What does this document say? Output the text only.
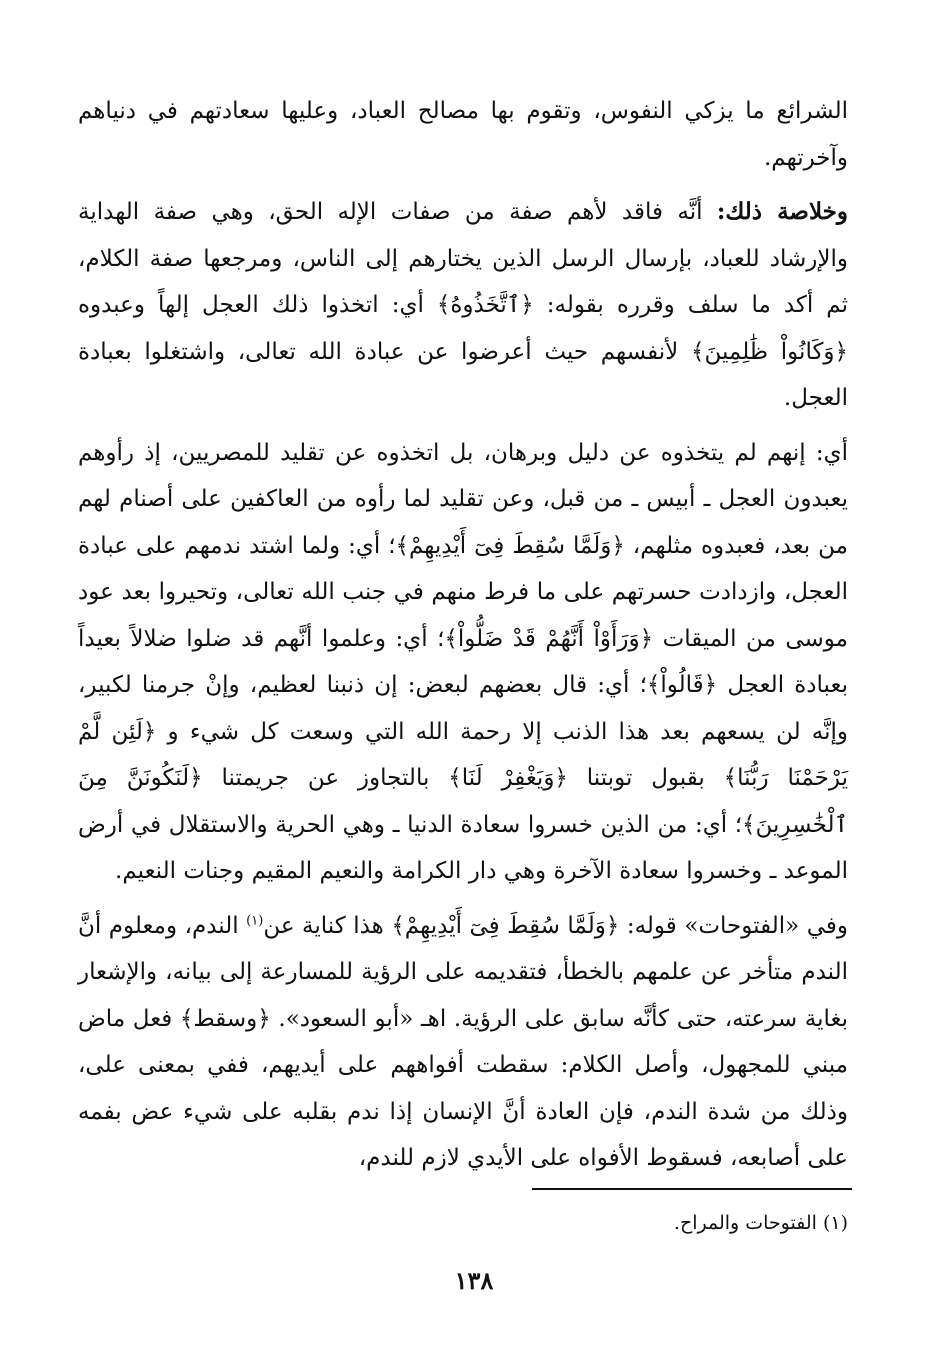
الشرائع ما يزكي النفوس، وتقوم بها مصالح العباد، وعليها سعادتهم في دنياهم وآخرتهم.

وخلاصة ذلك: أنَّه فاقد لأهم صفة من صفات الإله الحق، وهي صفة الهداية والإرشاد للعباد، بإرسال الرسل الذين يختارهم إلى الناس، ومرجعها صفة الكلام، ثم أكد ما سلف وقرره بقوله: ﴿ٱتَّخَذُوهُ﴾ أي: اتخذوا ذلك العجل إلهاً وعبدوه ﴿وَكَانُواْ ظَٰلِمِينَ﴾ لأنفسهم حيث أعرضوا عن عبادة الله تعالى، واشتغلوا بعبادة العجل.

أي: إنهم لم يتخذوه عن دليل وبرهان، بل اتخذوه عن تقليد للمصريين، إذ رأوهم يعبدون العجل ـ أبيس ـ من قبل، وعن تقليد لما رأوه من العاكفين على أصنام لهم من بعد، فعبدوه مثلهم، ﴿وَلَمَّا سُقِطَ فِىٓ أَيْدِيهِمْ﴾؛ أي: ولما اشتد ندمهم على عبادة العجل، وازدادت حسرتهم على ما فرط منهم في جنب الله تعالى، وتحيروا بعد عود موسى من الميقات ﴿وَرَأَوْاْ أَنَّهُمْ قَدْ ضَلُّواْ﴾؛ أي: وعلموا أنَّهم قد ضلوا ضلالاً بعيداً بعبادة العجل ﴿قَالُواْ﴾؛ أي: قال بعضهم لبعض: إن ذنبنا لعظيم، وإنْ جرمنا لكبير، وإنَّه لن يسعهم بعد هذا الذنب إلا رحمة الله التي وسعت كل شيء و ﴿لَئِن لَّمْ يَرْحَمْنَا رَبُّنَا﴾ بقبول توبتنا ﴿وَيَغْفِرْ لَنَا﴾ بالتجاوز عن جريمتنا ﴿لَنَكُونَنَّ مِنَ ٱلْخَٰسِرِينَ﴾؛ أي: من الذين خسروا سعادة الدنيا ـ وهي الحرية والاستقلال في أرض الموعد ـ وخسروا سعادة الآخرة وهي دار الكرامة والنعيم المقيم وجنات النعيم.

وفي «الفتوحات» قوله: ﴿وَلَمَّا سُقِطَ فِىٓ أَيْدِيهِمْ﴾ هذا كناية عن$^{(١)}$ الندم، ومعلوم أنَّ الندم متأخر عن علمهم بالخطأ، فتقديمه على الرؤية للمسارعة إلى بيانه، والإشعار بغاية سرعته، حتى كأنَّه سابق على الرؤية. اهـ «أبو السعود». ﴿وسقط﴾ فعل ماض مبني للمجهول، وأصل الكلام: سقطت أفواههم على أيديهم، ففي بمعنى على، وذلك من شدة الندم، فإن العادة أنَّ الإنسان إذا ندم بقلبه على شيء عض بفمه على أصابعه، فسقوط الأفواه على الأيدي لازم للندم،

(١) الفتوحات والمراح.
١٣٨
